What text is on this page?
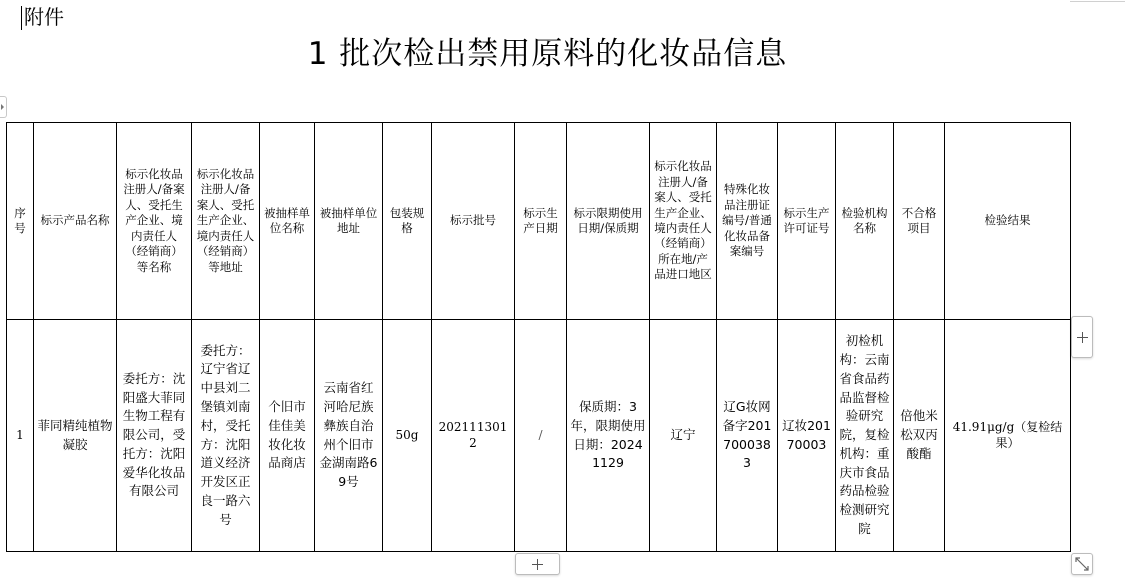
附件
1 批次检出禁用原料的化妆品信息
序号	标示产品名称	标示化妆品注册人/备案人、受托生产企业、境内责任人（经销商）等名称	标示化妆品注册人/备案人、受托生产企业、境内责任人（经销商）等地址	被抽样单位名称	被抽样单位地址	包装规格	标示批号	标示生产日期	标示限期使用日期/保质期	标示化妆品注册人/备案人、受托生产企业、境内责任人（经销商）所在地/产品进口地区	特殊化妆品注册证编号/普通化妆品备案编号	标示生产许可证号	检验机构名称	不合格项目	检验结果
1	菲同精纯植物凝胶	委托方：沈阳盛大菲同生物工程有限公司，受托方：沈阳爱华化妆品有限公司	委托方：辽宁省辽中县刘二堡镇刘南村，受托方：沈阳道义经济开发区正良一路六号	个旧市佳佳美妆化妆品商店	云南省红河哈尼族彝族自治州个旧市金湖南路69号	50g	2021113012	/	保质期：3年，限期使用日期：20241129	辽宁	辽G妆网备字2017000383	辽妆20170003	初检机构：云南省食品药品监督检验研究院，复检机构：重庆市食品药品检验检测研究院	倍他米松双丙酸酯	41.91μg/g（复检结果）
